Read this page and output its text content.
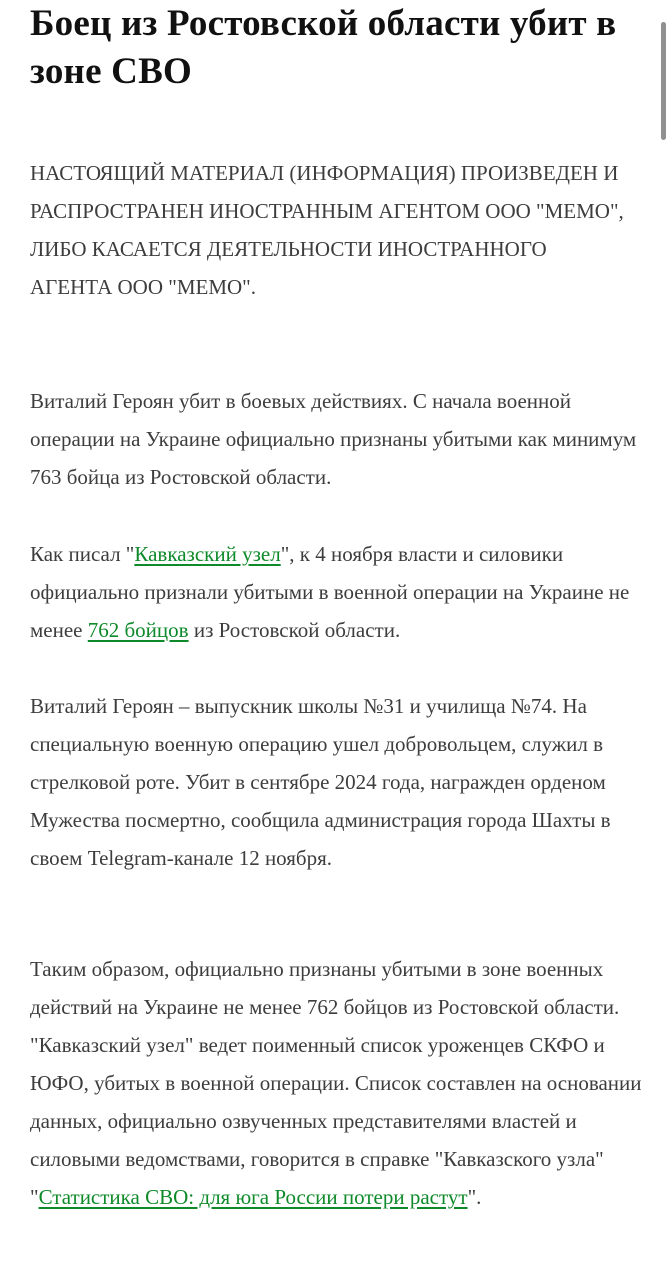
Боец из Ростовской области убит в зоне СВО

НАСТОЯЩИЙ МАТЕРИАЛ (ИНФОРМАЦИЯ) ПРОИЗВЕДЕН И РАСПРОСТРАНЕН ИНОСТРАННЫМ АГЕНТОМ ООО "МЕМО", ЛИБО КАСАЕТСЯ ДЕЯТЕЛЬНОСТИ ИНОСТРАННОГО АГЕНТА ООО "МЕМО".

Виталий Героян убит в боевых действиях. С начала военной операции на Украине официально признаны убитыми как минимум 763 бойца из Ростовской области.

Как писал "Кавказский узел", к 4 ноября власти и силовики официально признали убитыми в военной операции на Украине не менее 762 бойцов из Ростовской области.

Виталий Героян – выпускник школы №31 и училища №74. На специальную военную операцию ушел добровольцем, служил в стрелковой роте. Убит в сентябре 2024 года, награжден орденом Мужества посмертно, сообщила администрация города Шахты в своем Telegram-канале 12 ноября.

Таким образом, официально признаны убитыми в зоне военных действий на Украине не менее 762 бойцов из Ростовской области. "Кавказский узел" ведет поименный список уроженцев СКФО и ЮФО, убитых в военной операции. Список составлен на основании данных, официально озвученных представителями властей и силовыми ведомствами, говорится в справке "Кавказского узла" "Статистика СВО: для юга России потери растут".
